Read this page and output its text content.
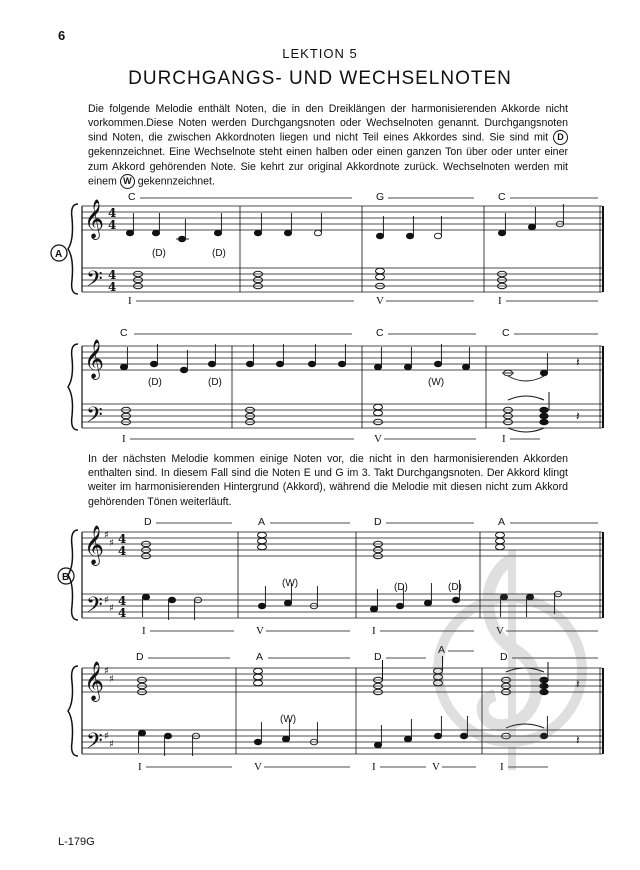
6
LEKTION 5
DURCHGANGS- UND WECHSELNOTEN
Die folgende Melodie enthält Noten, die in den Dreiklängen der harmonisierenden Akkorde nicht vorkommen.Diese Noten werden Durchgangsnoten oder Wechselnoten genannt. Durchgangsnoten sind Noten, die zwischen Akkordnoten liegen und nicht Teil eines Akkordes sind. Sie sind mit D gekennzeichnet. Eine Wechselnote steht einen halben oder einen ganzen Ton über oder unter einer zum Akkord gehörenden Note. Sie kehrt zur original Akkordnote zurück. Wechselnoten werden mit einem W gekennzeichnet.
In der nächsten Melodie kommen einige Noten vor, die nicht in den harmonisierenden Akkorden enthalten sind. In diesem Fall sind die Noten E und G im 3. Takt Durchgangsnoten. Der Akkord klingt weiter im harmonisierenden Hintergrund (Akkord), während die Melodie mit diesen nicht zum Akkord gehörenden Tönen weiterläuft.
𝄞
𝄢
4
4
4
4
A
C	G	C
(D)	(D)
I	V	I
𝄞
𝄢
C	C	C
𝄽
(D)	(D)	(W)
𝄽
I	V	I
𝄞
𝄢
♯
♯
♯
♯
4
4
4
4
B
D	A	D	A
(W)	(D)	(D)
I	V	I	V
𝄞
𝄢
♯
♯
♯
♯
D	A	D
A
D
𝄽
𝄽
(W)
I	V	I	V	I
L-179G
